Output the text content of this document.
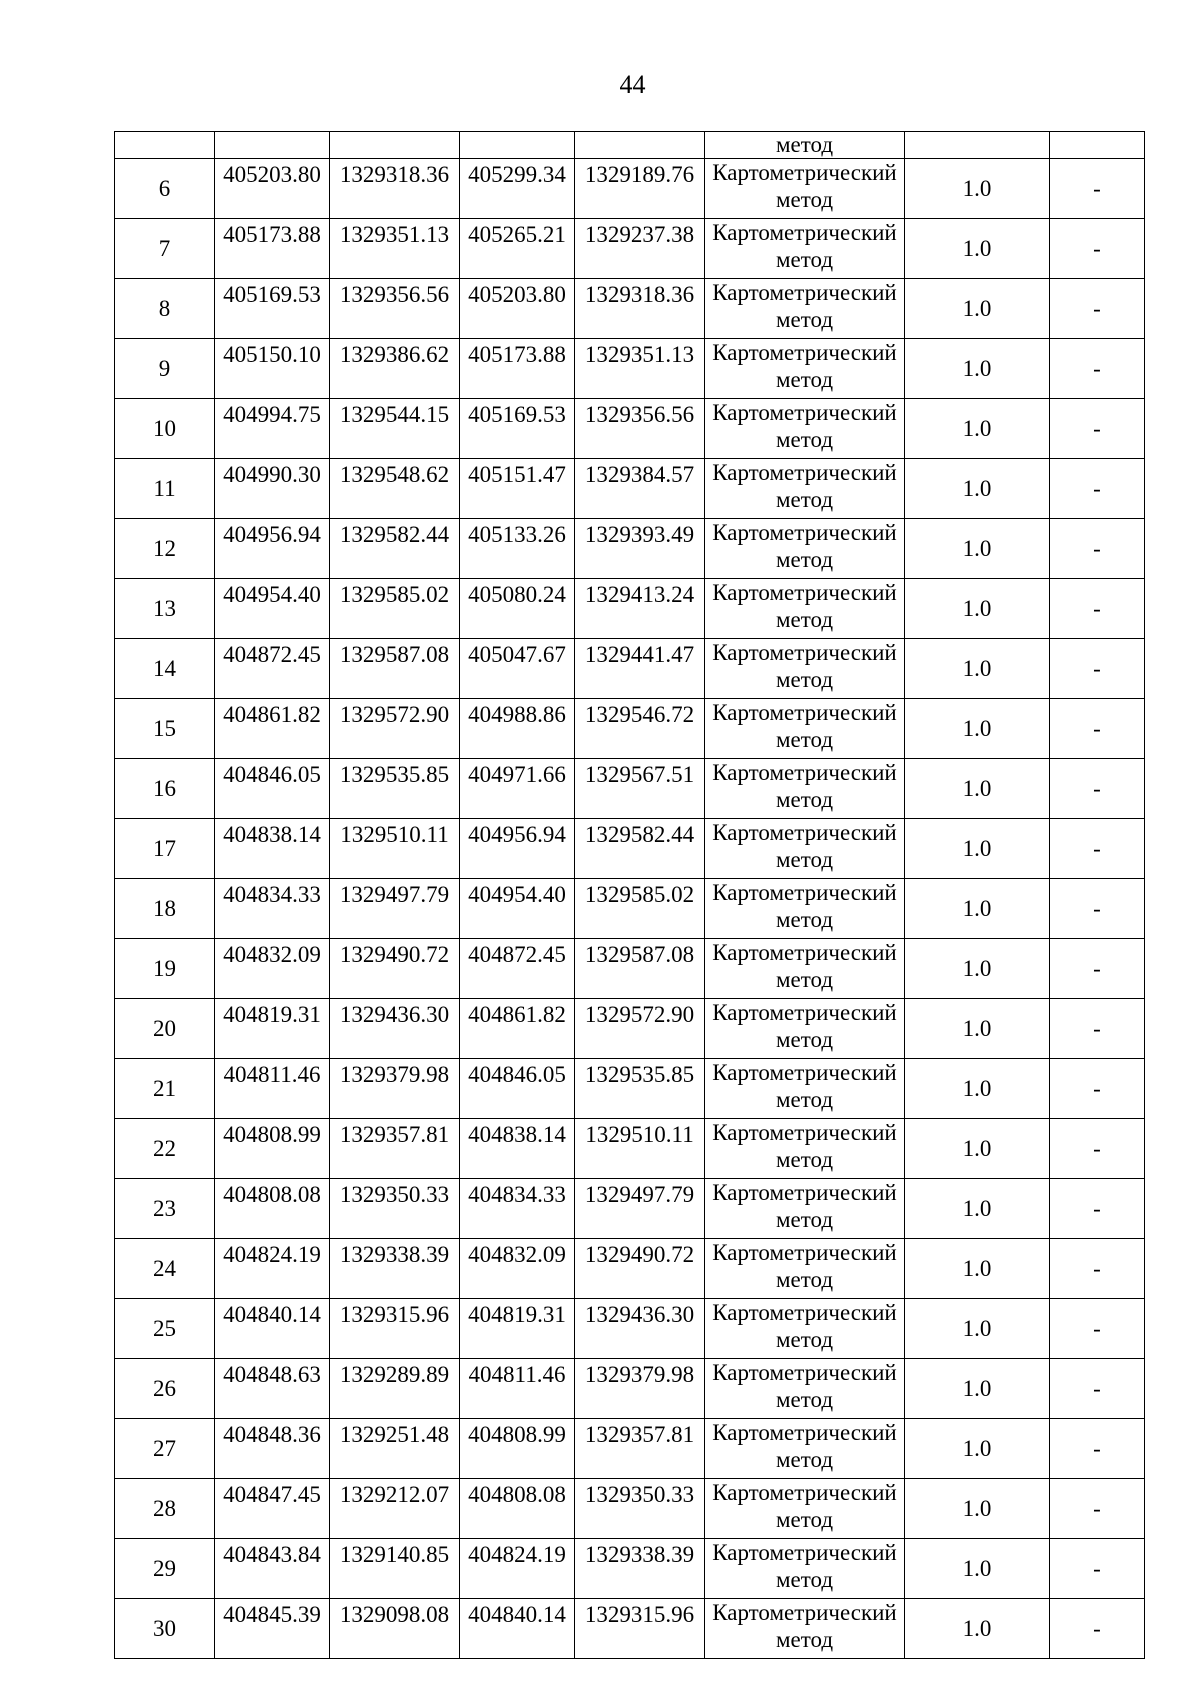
44
					метод		
6	405203.80	1329318.36	405299.34	1329189.76	Картометрический
метод	1.0	-
7	405173.88	1329351.13	405265.21	1329237.38	Картометрический
метод	1.0	-
8	405169.53	1329356.56	405203.80	1329318.36	Картометрический
метод	1.0	-
9	405150.10	1329386.62	405173.88	1329351.13	Картометрический
метод	1.0	-
10	404994.75	1329544.15	405169.53	1329356.56	Картометрический
метод	1.0	-
11	404990.30	1329548.62	405151.47	1329384.57	Картометрический
метод	1.0	-
12	404956.94	1329582.44	405133.26	1329393.49	Картометрический
метод	1.0	-
13	404954.40	1329585.02	405080.24	1329413.24	Картометрический
метод	1.0	-
14	404872.45	1329587.08	405047.67	1329441.47	Картометрический
метод	1.0	-
15	404861.82	1329572.90	404988.86	1329546.72	Картометрический
метод	1.0	-
16	404846.05	1329535.85	404971.66	1329567.51	Картометрический
метод	1.0	-
17	404838.14	1329510.11	404956.94	1329582.44	Картометрический
метод	1.0	-
18	404834.33	1329497.79	404954.40	1329585.02	Картометрический
метод	1.0	-
19	404832.09	1329490.72	404872.45	1329587.08	Картометрический
метод	1.0	-
20	404819.31	1329436.30	404861.82	1329572.90	Картометрический
метод	1.0	-
21	404811.46	1329379.98	404846.05	1329535.85	Картометрический
метод	1.0	-
22	404808.99	1329357.81	404838.14	1329510.11	Картометрический
метод	1.0	-
23	404808.08	1329350.33	404834.33	1329497.79	Картометрический
метод	1.0	-
24	404824.19	1329338.39	404832.09	1329490.72	Картометрический
метод	1.0	-
25	404840.14	1329315.96	404819.31	1329436.30	Картометрический
метод	1.0	-
26	404848.63	1329289.89	404811.46	1329379.98	Картометрический
метод	1.0	-
27	404848.36	1329251.48	404808.99	1329357.81	Картометрический
метод	1.0	-
28	404847.45	1329212.07	404808.08	1329350.33	Картометрический
метод	1.0	-
29	404843.84	1329140.85	404824.19	1329338.39	Картометрический
метод	1.0	-
30	404845.39	1329098.08	404840.14	1329315.96	Картометрический
метод	1.0	-
